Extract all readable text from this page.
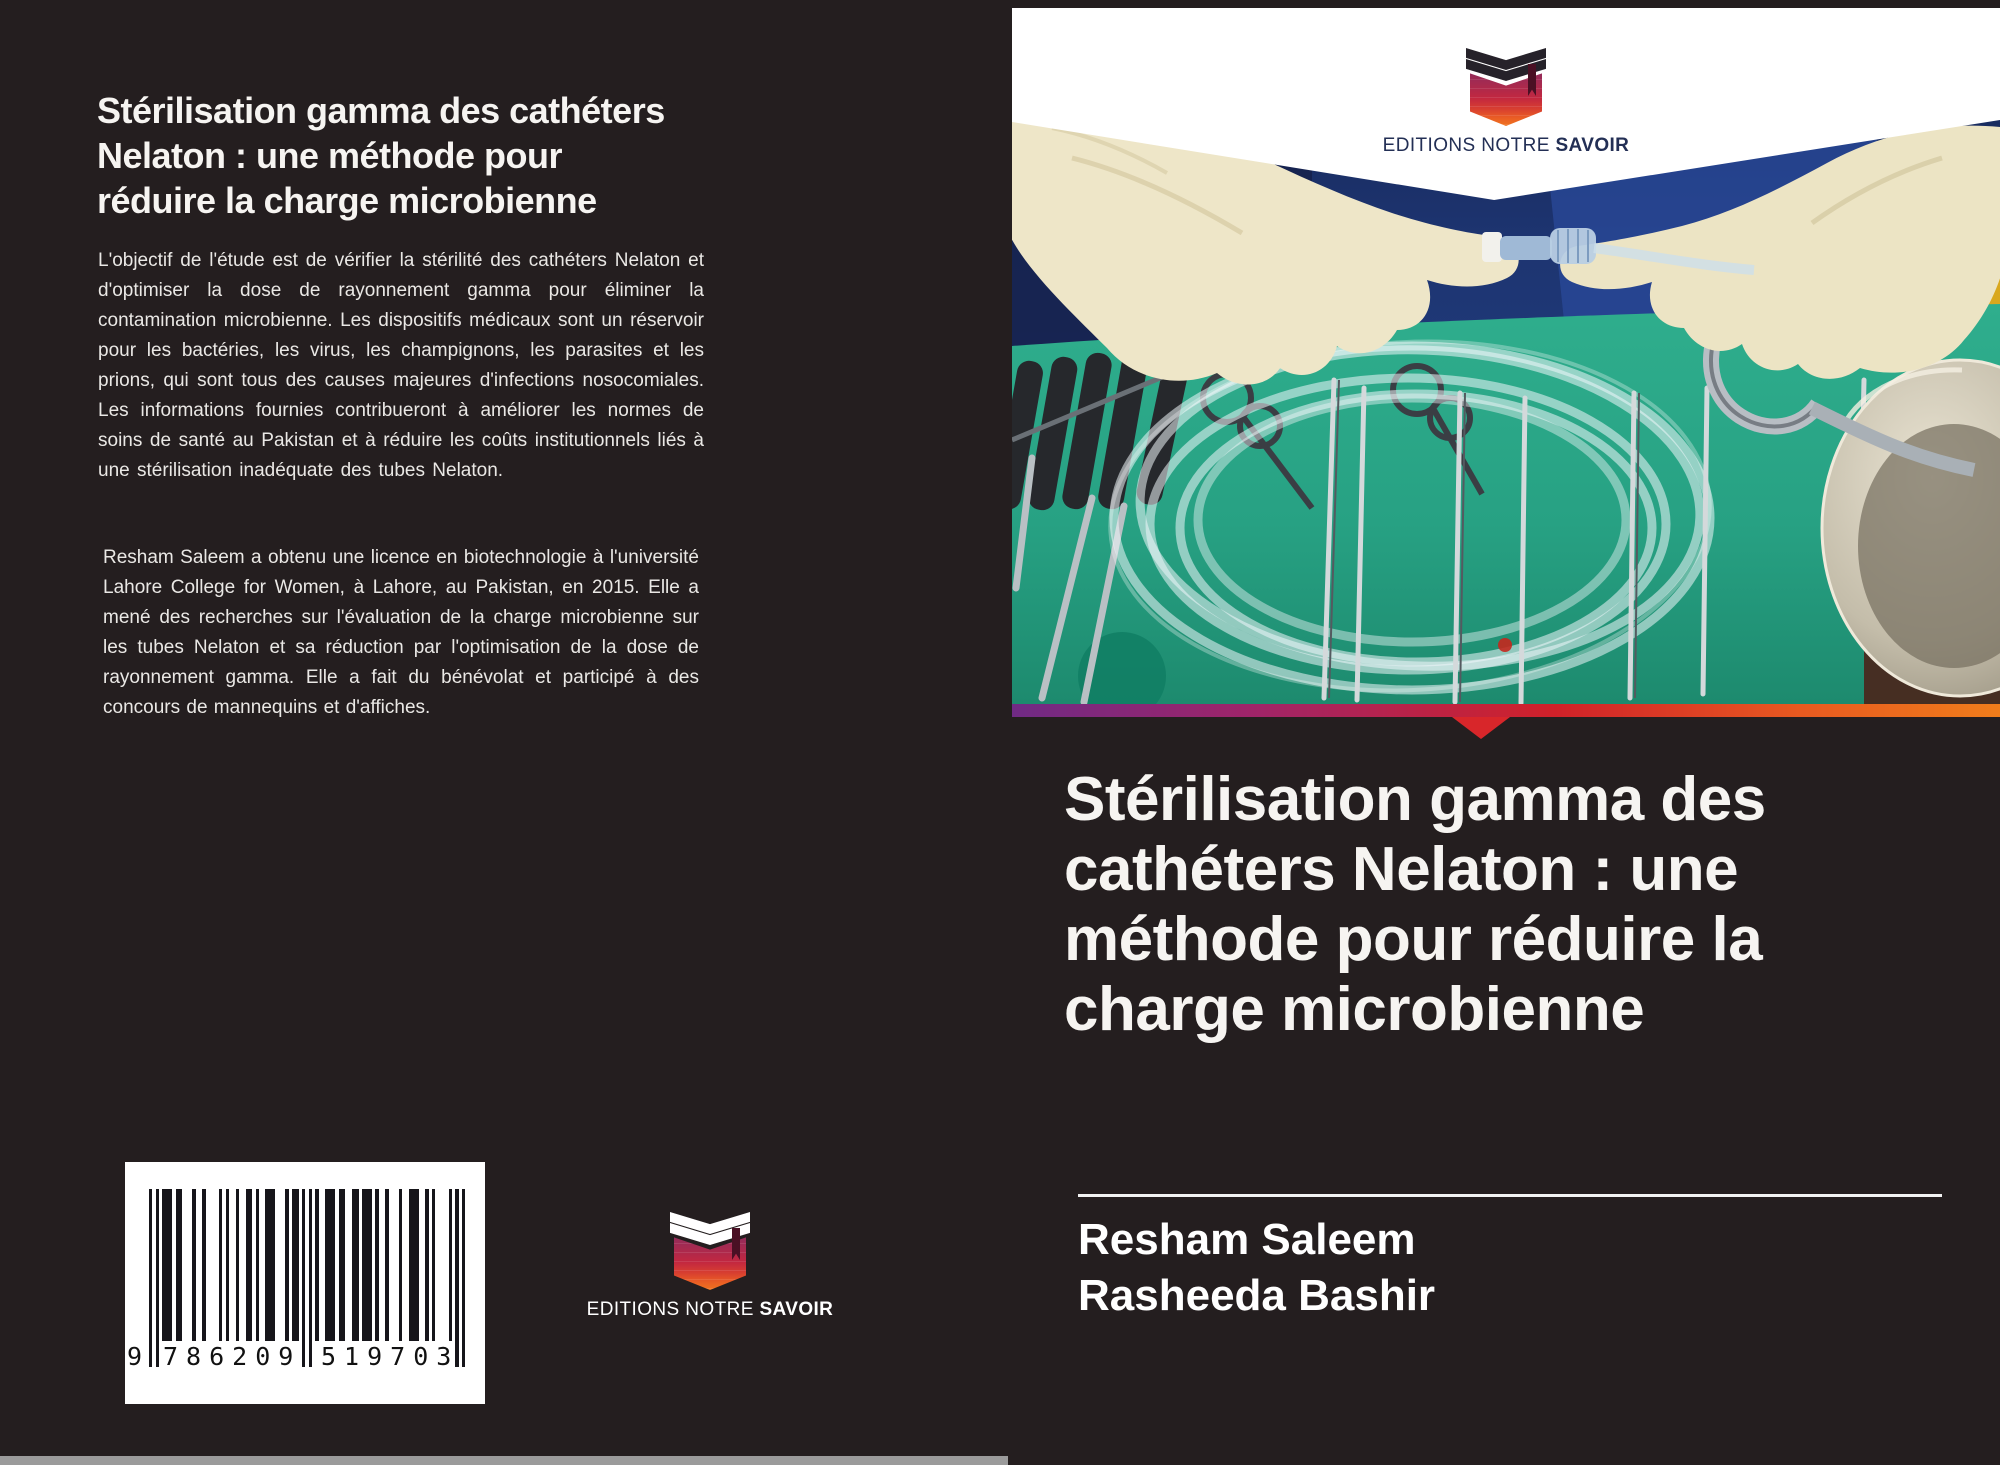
Stérilisation gamma des cathéters
Nelaton : une méthode pour
réduire la charge microbienne
L'objectif de l'étude est de vérifier la stérilité des cathéters Nelaton et d'optimiser la dose de rayonnement gamma pour éliminer la contamination microbienne. Les dispositifs médicaux sont un réservoir pour les bactéries, les virus, les champignons, les parasites et les prions, qui sont tous des causes majeures d'infections nosocomiales. Les informations fournies contribueront à améliorer les normes de soins de santé au Pakistan et à réduire les coûts institutionnels liés à une stérilisation inadéquate des tubes Nelaton.
Resham Saleem a obtenu une licence en biotechnologie à l'université Lahore College for Women, à Lahore, au Pakistan, en 2015. Elle a mené des recherches sur l'évaluation de la charge microbienne sur les tubes Nelaton et sa réduction par l'optimisation de la dose de rayonnement gamma. Elle a fait du bénévolat et participé à des concours de mannequins et d'affiches.
9 786209 519703
EDITIONS NOTRE SAVOIR
EDITIONS NOTRE SAVOIR
Stérilisation gamma des
cathéters Nelaton : une
méthode pour réduire la
charge microbienne
Resham Saleem
Rasheeda Bashir
